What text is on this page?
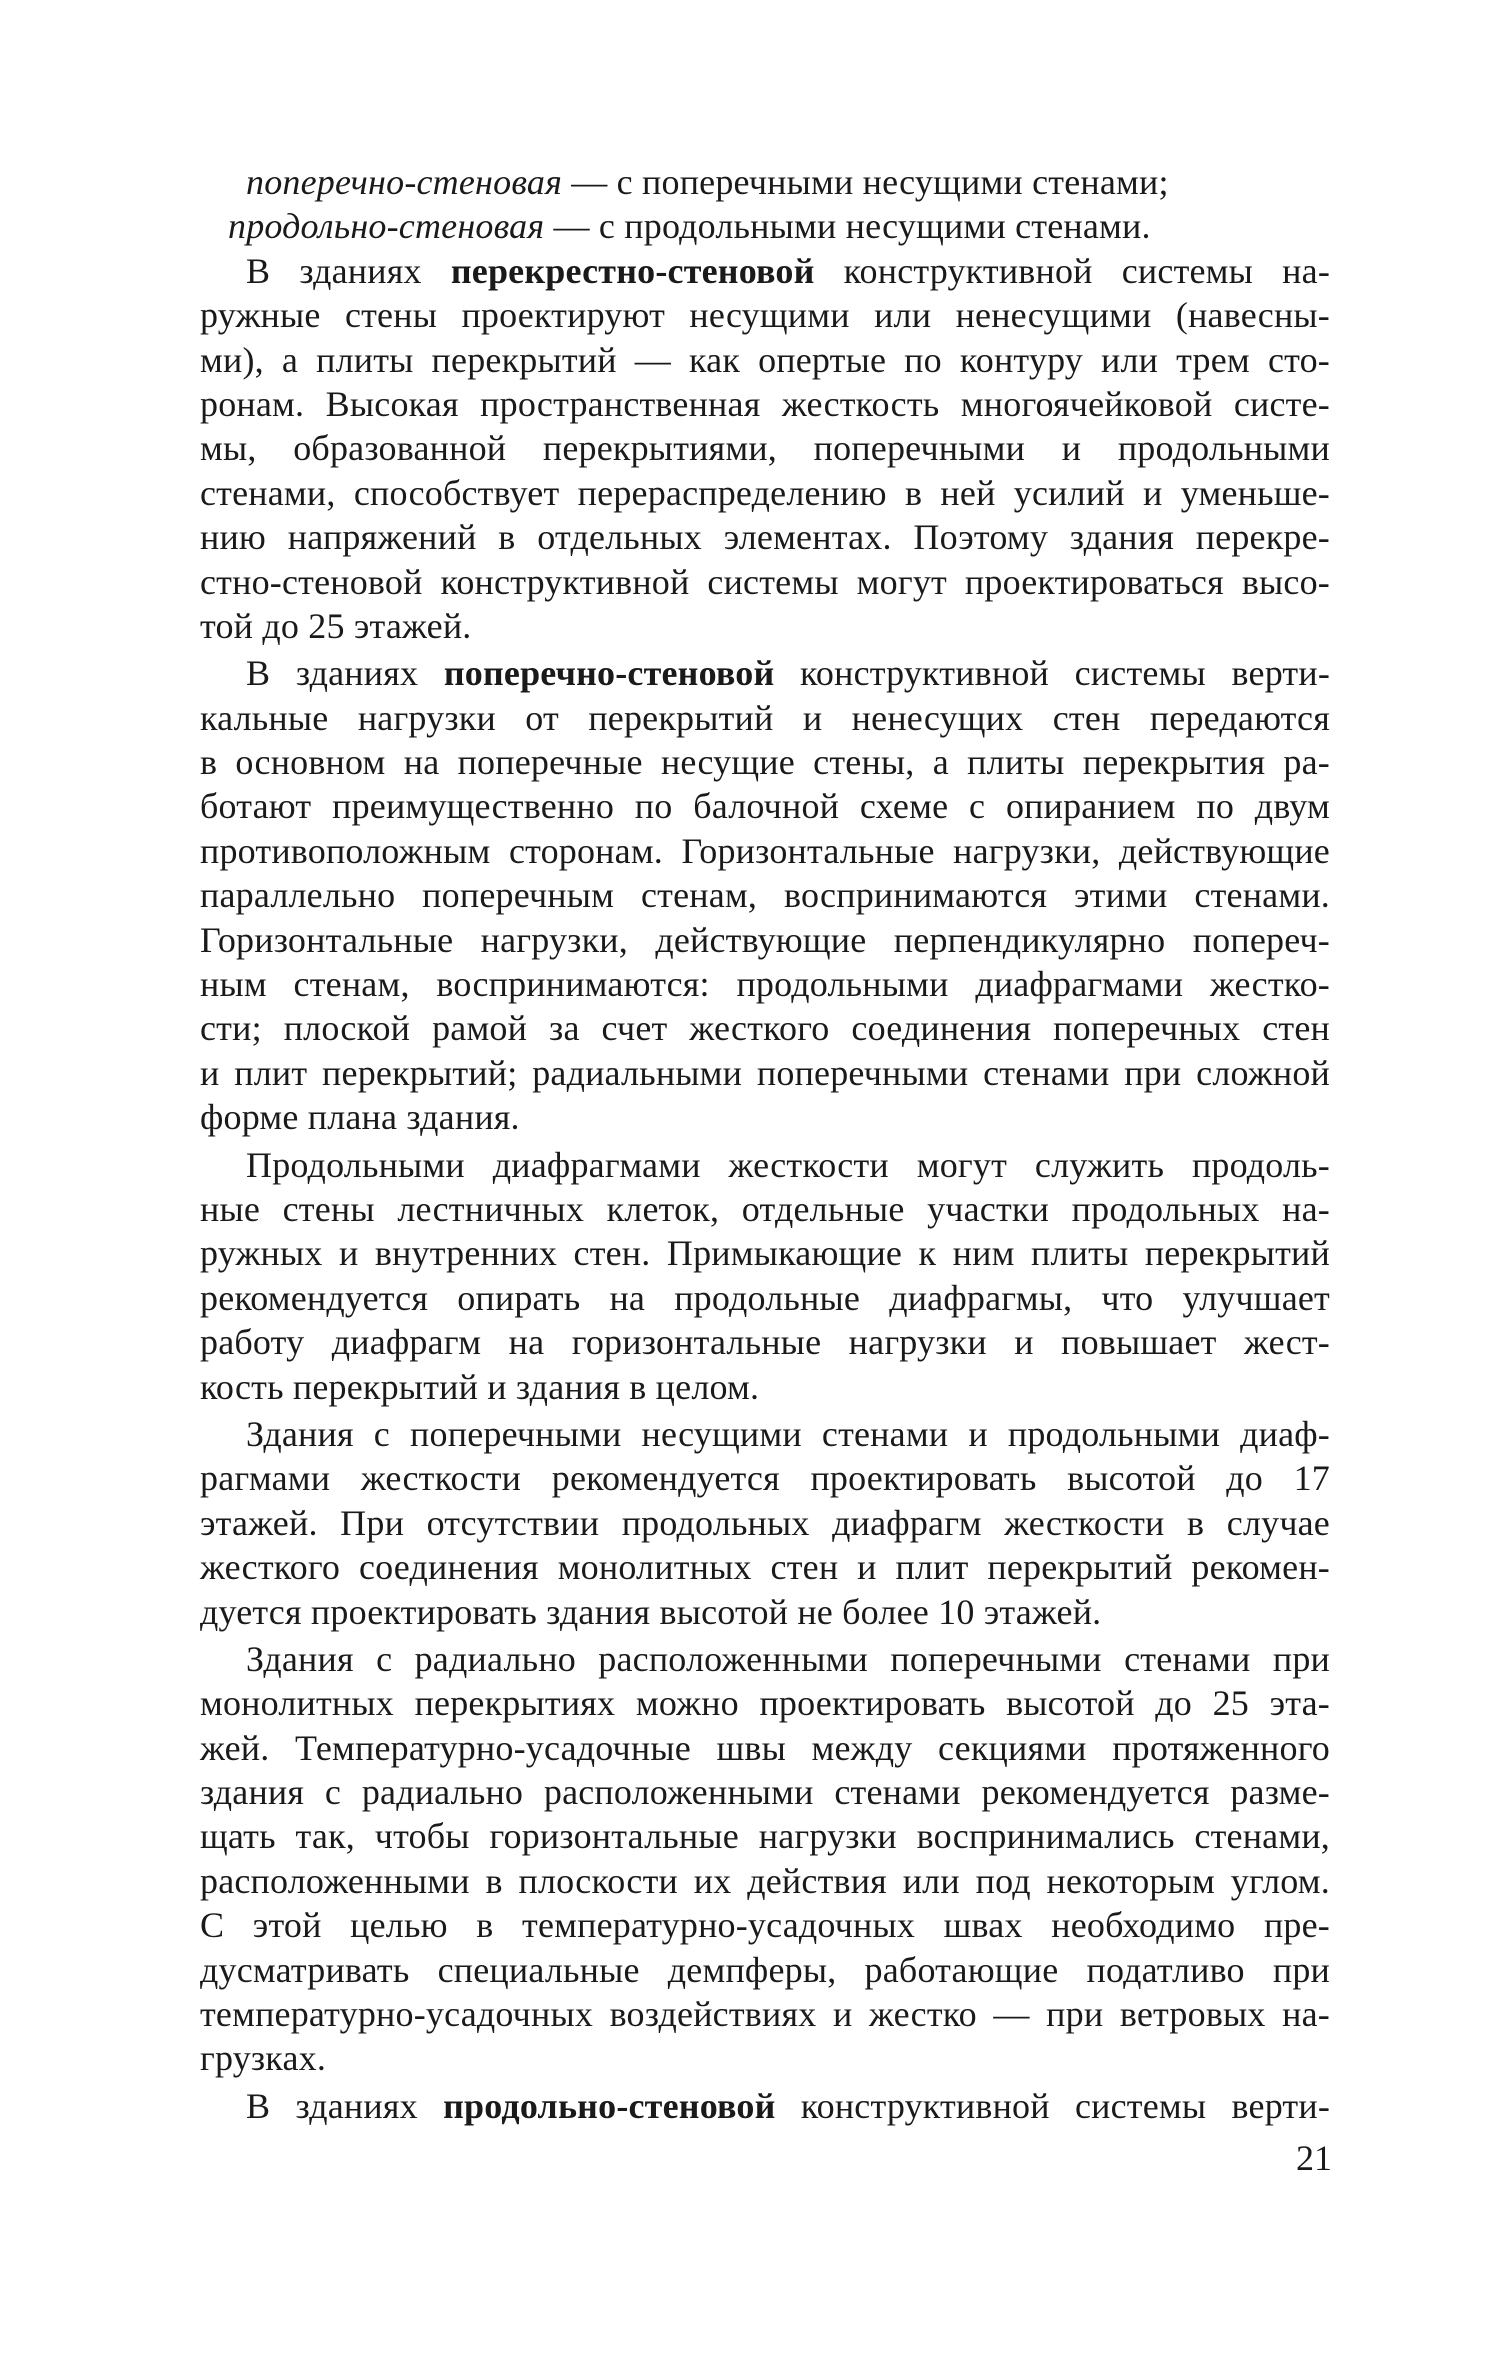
поперечно-стеновая — с поперечными несущими стенами;
продольно-стеновая — с продольными несущими стенами.
В зданиях перекрестно-стеновой конструктивной системы на-
ружные стены проектируют несущими или ненесущими (навесны-
ми), а плиты перекрытий — как опертые по контуру или трем сто-
ронам. Высокая пространственная жесткость многоячейковой систе-
мы, образованной перекрытиями, поперечными и продольными
стенами, способствует перераспределению в ней усилий и уменьше-
нию напряжений в отдельных элементах. Поэтому здания перекре-
стно-стеновой конструктивной системы могут проектироваться высо-
той до 25 этажей.
В зданиях поперечно-стеновой конструктивной системы верти-
кальные нагрузки от перекрытий и ненесущих стен передаются
в основном на поперечные несущие стены, а плиты перекрытия ра-
ботают преимущественно по балочной схеме с опиранием по двум
противоположным сторонам. Горизонтальные нагрузки, действующие
параллельно поперечным стенам, воспринимаются этими стенами.
Горизонтальные нагрузки, действующие перпендикулярно попереч-
ным стенам, воспринимаются: продольными диафрагмами жестко-
сти; плоской рамой за счет жесткого соединения поперечных стен
и плит перекрытий; радиальными поперечными стенами при сложной
форме плана здания.
Продольными диафрагмами жесткости могут служить продоль-
ные стены лестничных клеток, отдельные участки продольных на-
ружных и внутренних стен. Примыкающие к ним плиты перекрытий
рекомендуется опирать на продольные диафрагмы, что улучшает
работу диафрагм на горизонтальные нагрузки и повышает жест-
кость перекрытий и здания в целом.
Здания с поперечными несущими стенами и продольными диаф-
рагмами жесткости рекомендуется проектировать высотой до 17
этажей. При отсутствии продольных диафрагм жесткости в случае
жесткого соединения монолитных стен и плит перекрытий рекомен-
дуется проектировать здания высотой не более 10 этажей.
Здания с радиально расположенными поперечными стенами при
монолитных перекрытиях можно проектировать высотой до 25 эта-
жей. Температурно-усадочные швы между секциями протяженного
здания с радиально расположенными стенами рекомендуется разме-
щать так, чтобы горизонтальные нагрузки воспринимались стенами,
расположенными в плоскости их действия или под некоторым углом.
С этой целью в температурно-усадочных швах необходимо пре-
дусматривать специальные демпферы, работающие податливо при
температурно-усадочных воздействиях и жестко — при ветровых на-
грузках.
В зданиях продольно-стеновой конструктивной системы верти-
21
